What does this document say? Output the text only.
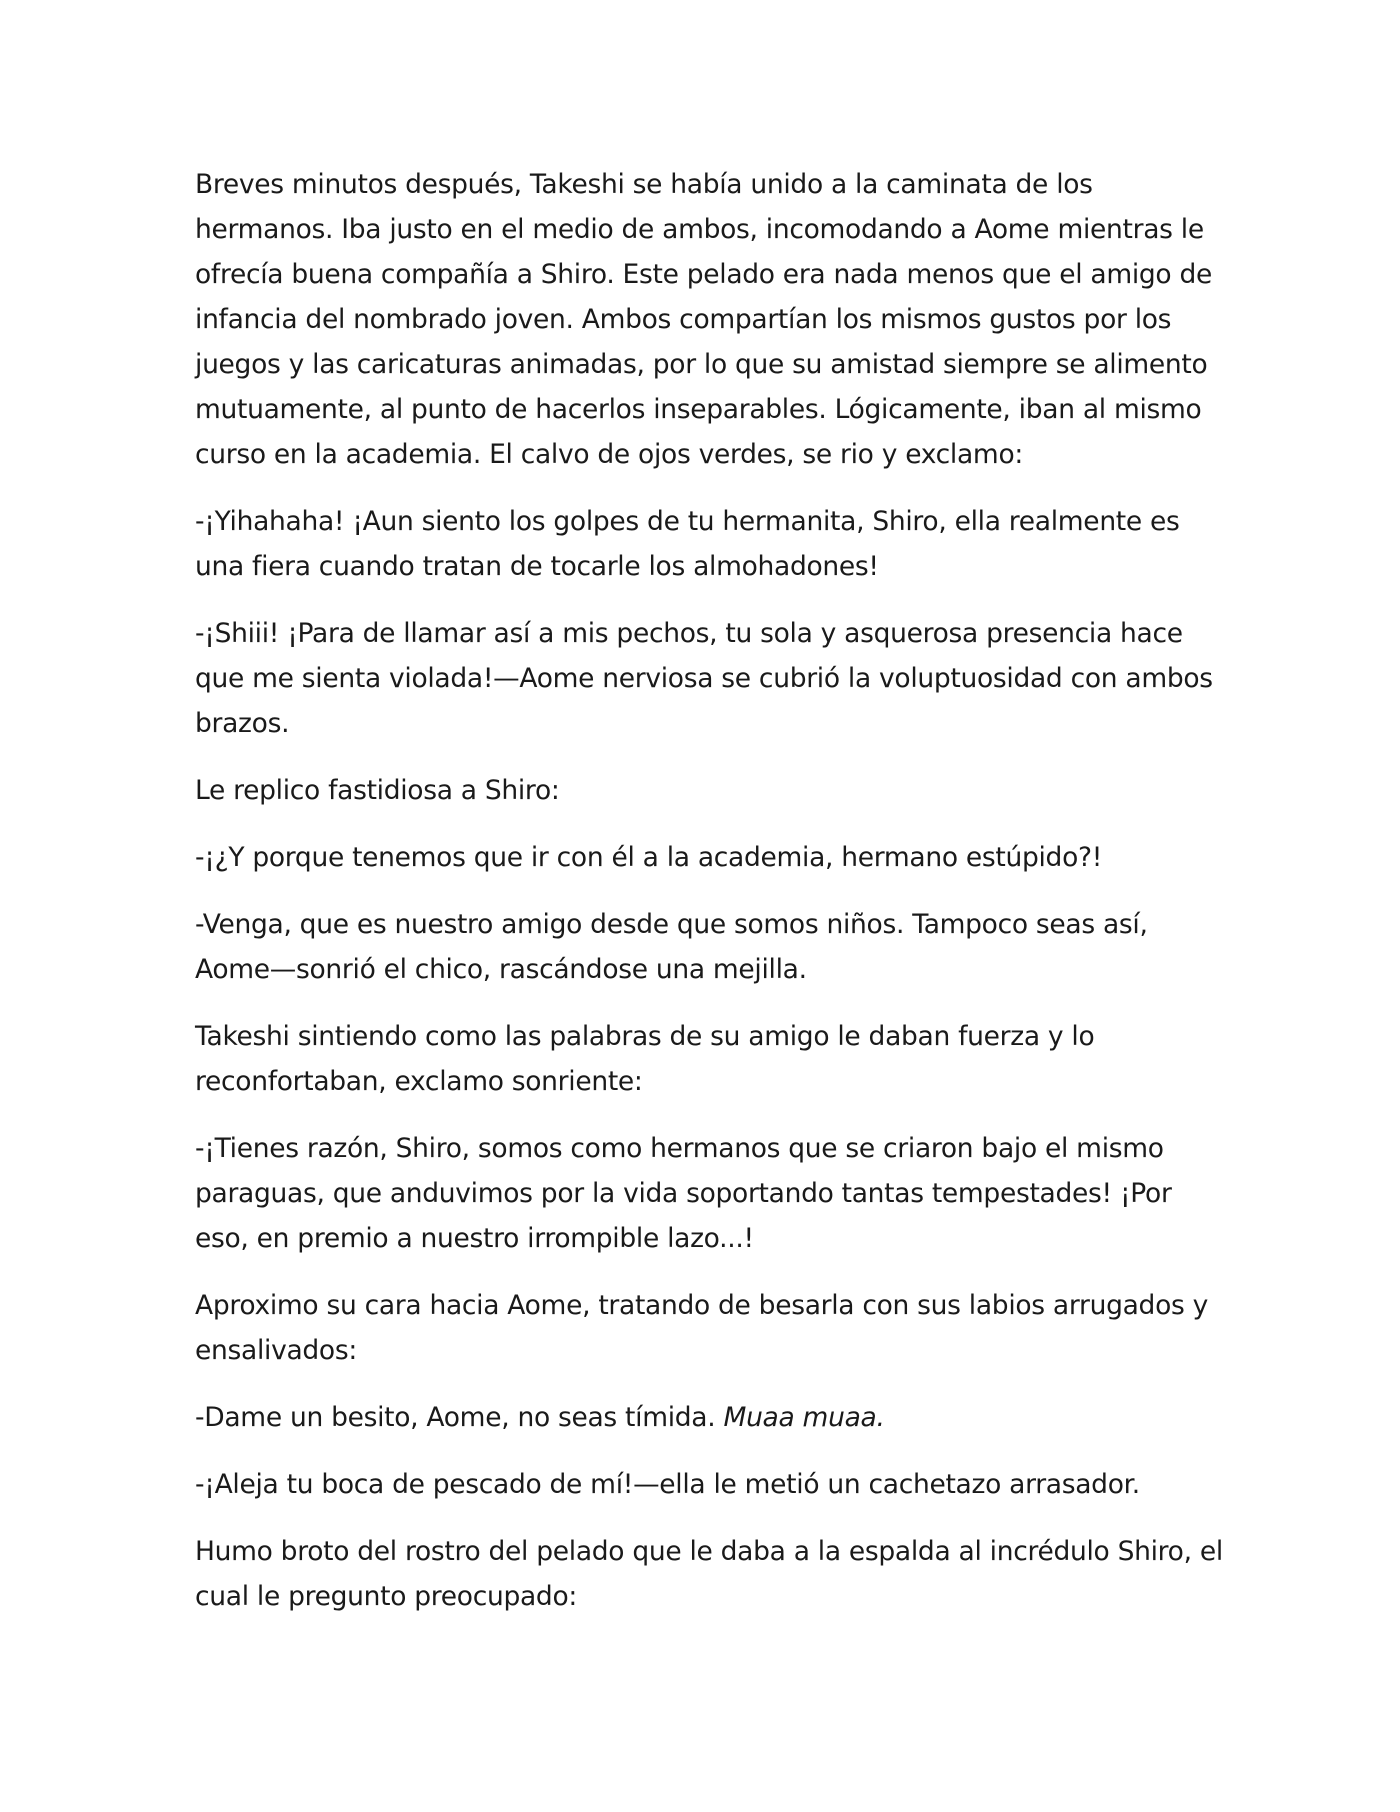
Breves minutos después, Takeshi se había unido a la caminata de los hermanos. Iba justo en el medio de ambos, incomodando a Aome mientras le ofrecía buena compañía a Shiro. Este pelado era nada menos que el amigo de infancia del nombrado joven. Ambos compartían los mismos gustos por los juegos y las caricaturas animadas, por lo que su amistad siempre se alimento mutuamente, al punto de hacerlos inseparables. Lógicamente, iban al mismo curso en la academia. El calvo de ojos verdes, se rio y exclamo:

-¡Yihahaha! ¡Aun siento los golpes de tu hermanita, Shiro, ella realmente es una fiera cuando tratan de tocarle los almohadones!

-¡Shiii! ¡Para de llamar así a mis pechos, tu sola y asquerosa presencia hace que me sienta violada!—Aome nerviosa se cubrió la voluptuosidad con ambos brazos.

Le replico fastidiosa a Shiro:

-¡¿Y porque tenemos que ir con él a la academia, hermano estúpido?!

-Venga, que es nuestro amigo desde que somos niños. Tampoco seas así, Aome—sonrió el chico, rascándose una mejilla.

Takeshi sintiendo como las palabras de su amigo le daban fuerza y lo reconfortaban, exclamo sonriente:

-¡Tienes razón, Shiro, somos como hermanos que se criaron bajo el mismo paraguas, que anduvimos por la vida soportando tantas tempestades! ¡Por eso, en premio a nuestro irrompible lazo...!

Aproximo su cara hacia Aome, tratando de besarla con sus labios arrugados y ensalivados:

-Dame un besito, Aome, no seas tímida. Muaa muaa.

-¡Aleja tu boca de pescado de mí!—ella le metió un cachetazo arrasador.

Humo broto del rostro del pelado que le daba a la espalda al incrédulo Shiro, el cual le pregunto preocupado:
